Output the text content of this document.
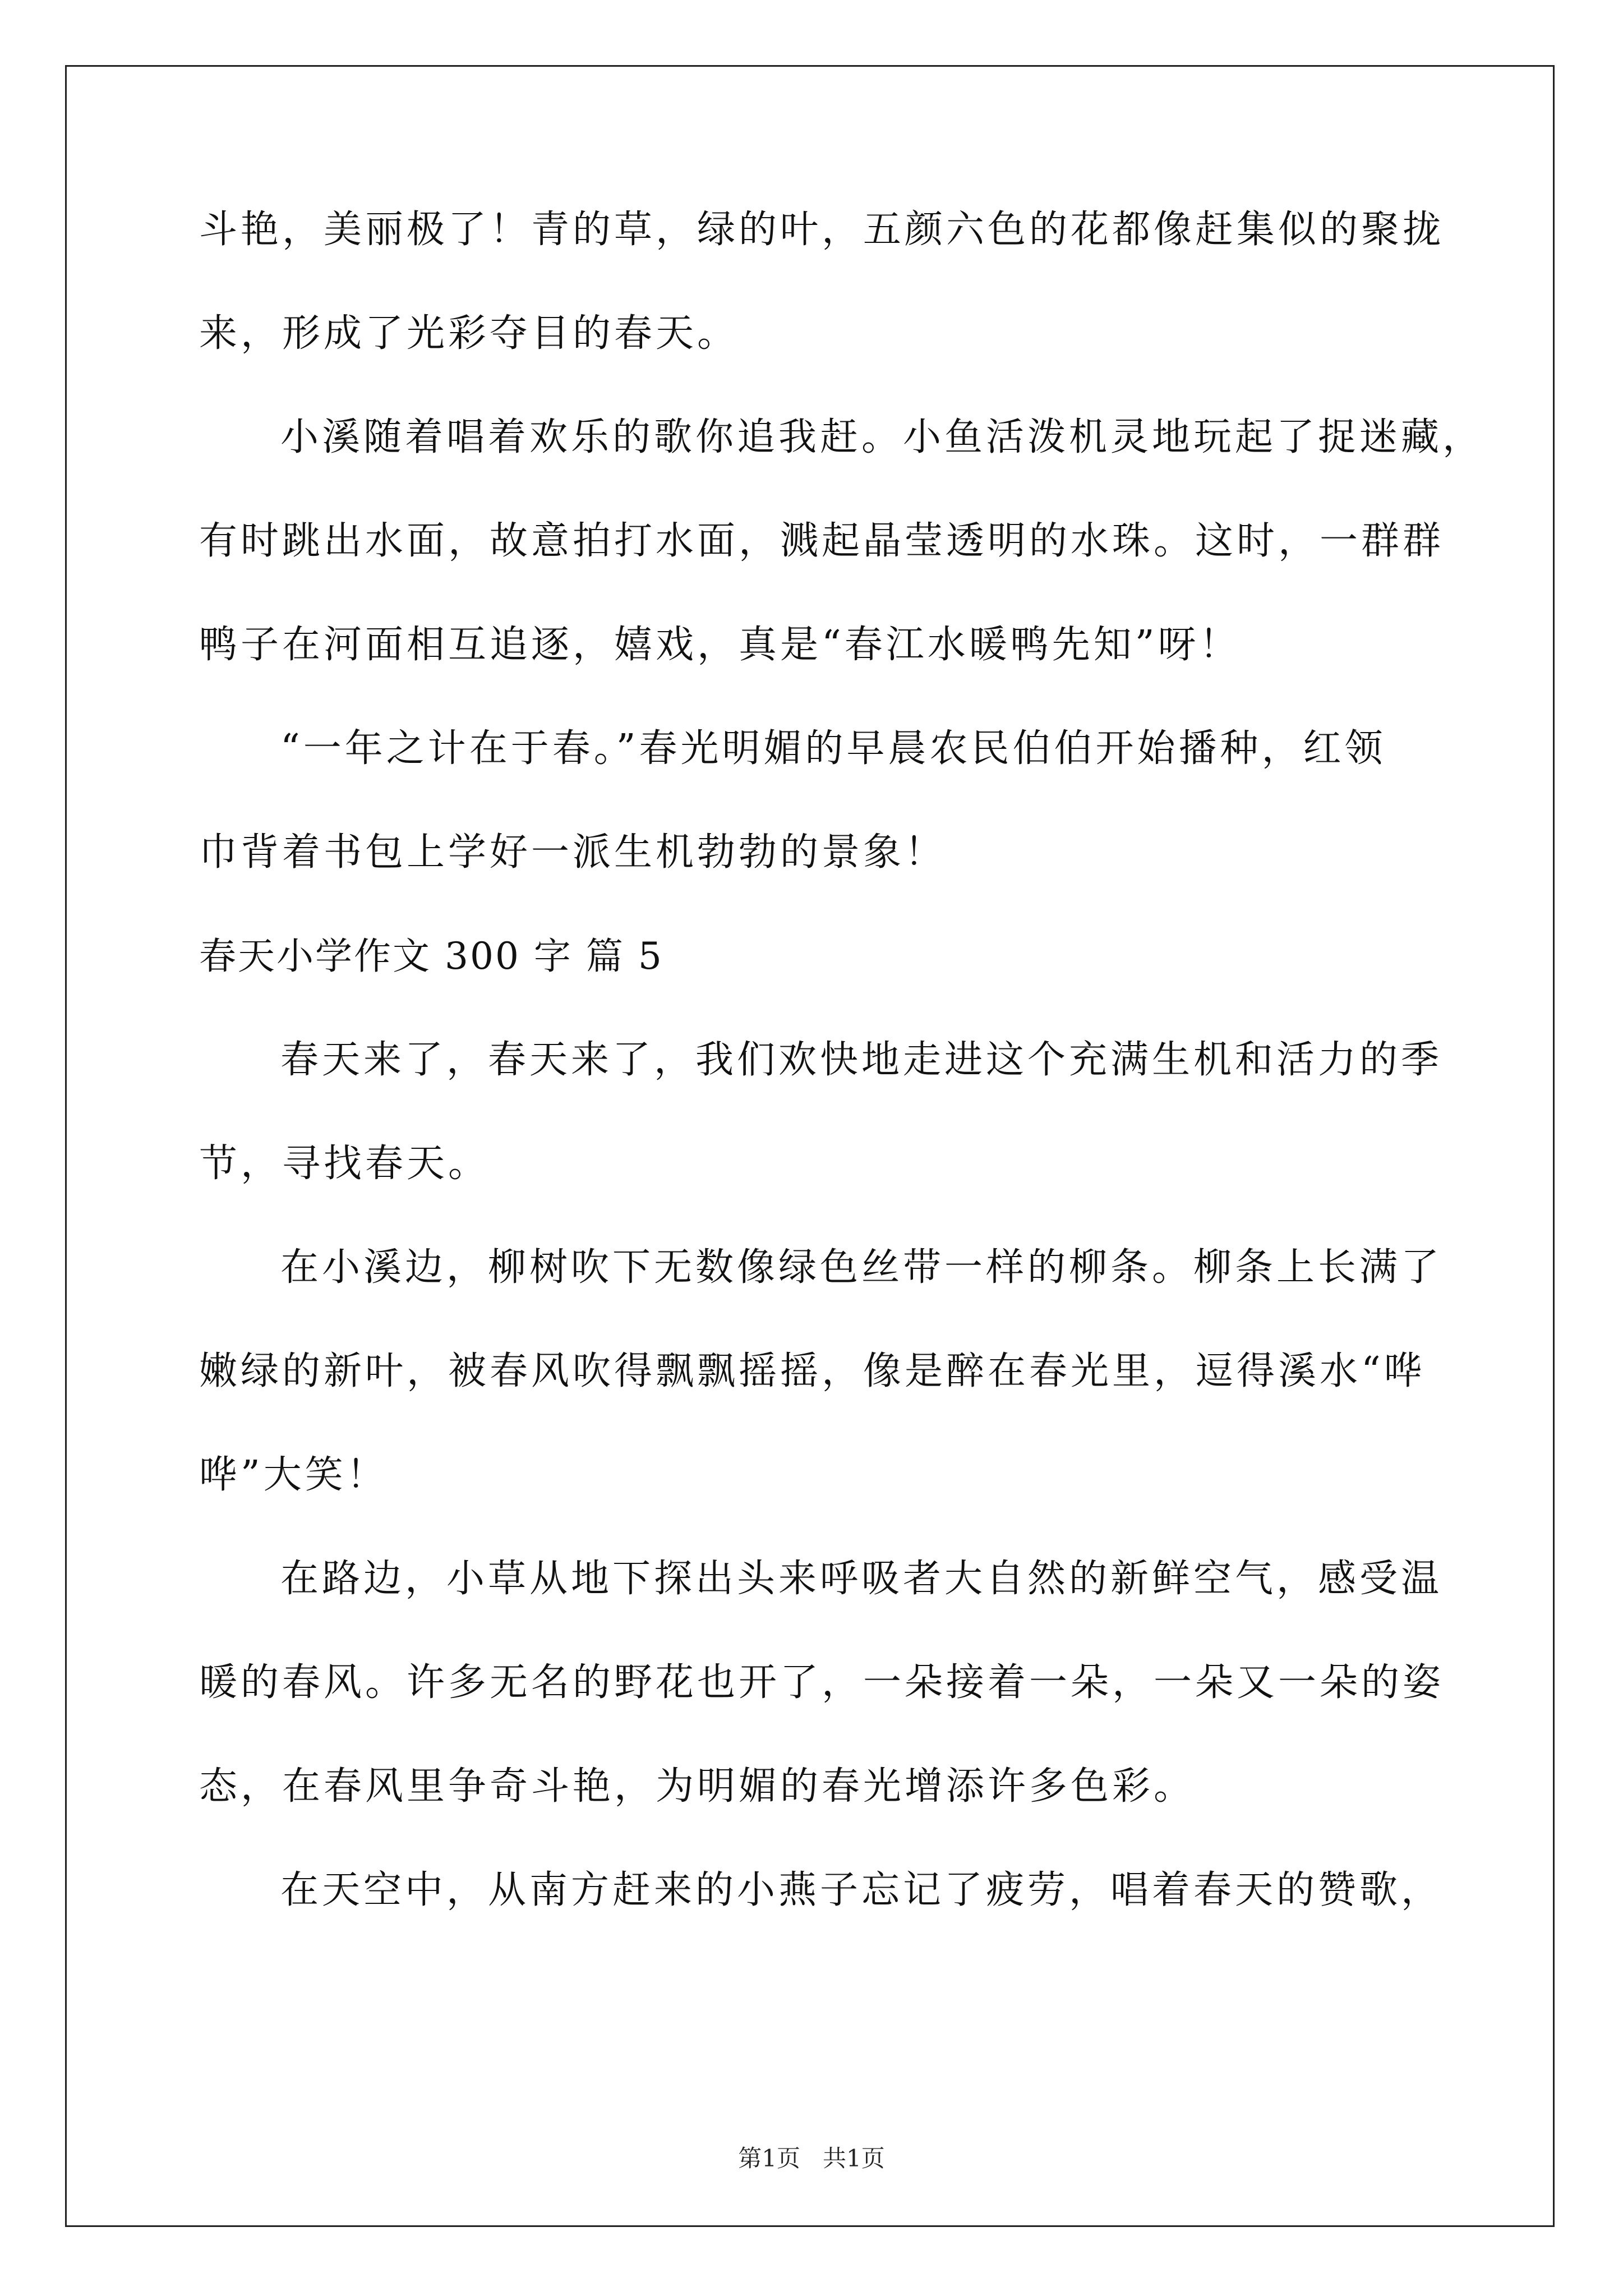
斗艳，美丽极了！青的草，绿的叶，五颜六色的花都像赶集似的聚拢
来，形成了光彩夺目的春天。
小溪随着唱着欢乐的歌你追我赶。小鱼活泼机灵地玩起了捉迷藏，
有时跳出水面，故意拍打水面，溅起晶莹透明的水珠。这时，一群群
鸭子在河面相互追逐，嬉戏，真是“春江水暖鸭先知”呀！
“一年之计在于春。”春光明媚的早晨农民伯伯开始播种，红领
巾背着书包上学好一派生机勃勃的景象！
春天小学作文 300 字 篇 5
春天来了，春天来了，我们欢快地走进这个充满生机和活力的季
节，寻找春天。
在小溪边，柳树吹下无数像绿色丝带一样的柳条。柳条上长满了
嫩绿的新叶，被春风吹得飘飘摇摇，像是醉在春光里，逗得溪水“哗
哗”大笑！
在路边，小草从地下探出头来呼吸者大自然的新鲜空气，感受温
暖的春风。许多无名的野花也开了，一朵接着一朵，一朵又一朵的姿
态，在春风里争奇斗艳，为明媚的春光增添许多色彩。
在天空中，从南方赶来的小燕子忘记了疲劳，唱着春天的赞歌，
第1页 共1页
